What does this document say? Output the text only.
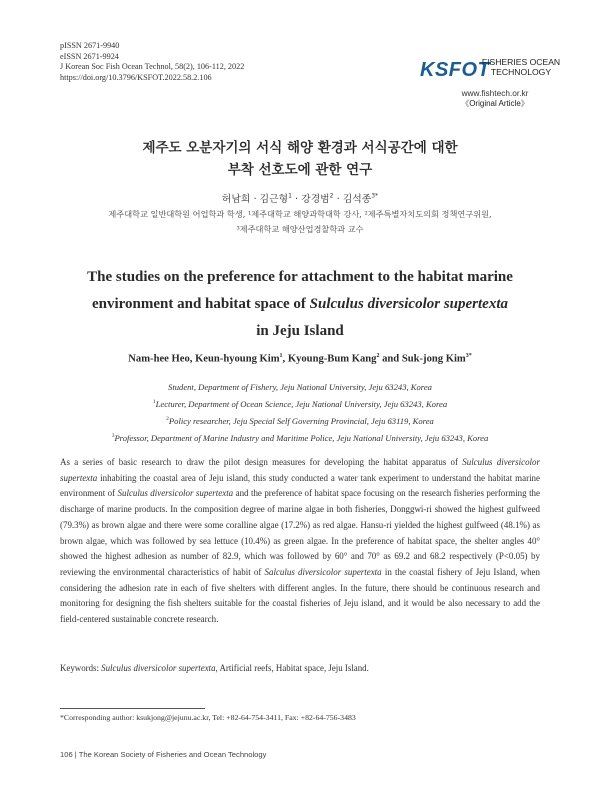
pISSN 2671-9940
eISSN 2671-9924
J Korean Soc Fish Ocean Technol, 58(2), 106-112, 2022
https://doi.org/10.3796/KSFOT.2022.58.2.106	KSFOT
FISHERIES OCEAN
TECHNOLOGY
www.fishtech.or.kr
《Original Article》
제주도 오분자기의 서식 해양 환경과 서식공간에 대한
부착 선호도에 관한 연구
허남희 · 김근형$^1$ · 강경범$^2$ · 김석종$^{3*}$
제주대학교 일반대학원 어업학과 학생, ¹제주대학교 해양과학대학 강사, ²제주특별자치도의회 정책연구위원,
³제주대학교 해양산업경찰학과 교수
The studies on the preference for attachment to the habitat marine
environment and habitat space of Sulculus diversicolor supertexta
in Jeju Island
Nam-hee Heo, Keun-hyoung Kim$^1$, Kyoung-Bum Kang$^2$ and Suk-jong Kim$^{3*}$
Student, Department of Fishery, Jeju National University, Jeju 63243, Korea
$^1$Lecturer, Department of Ocean Science, Jeju National University, Jeju 63243, Korea
$^2$Policy researcher, Jeju Special Self Governing Provincial, Jeju 63119, Korea
$^3$Professor, Department of Marine Industry and Maritime Police, Jeju National University, Jeju 63243, Korea
As a series of basic research to draw the pilot design measures for developing the habitat apparatus of Sulculus diversicolor supertexta inhabiting the coastal area of Jeju island, this study conducted a water tank experiment to understand the habitat marine environment of Sulculus diversicolor supertexta and the preference of habitat space focusing on the research fisheries performing the discharge of marine products. In the composition degree of marine algae in both fisheries, Donggwi-ri showed the highest gulfweed (79.3%) as brown algae and there were some coralline algae (17.2%) as red algae. Hansu-ri yielded the highest gulfweed (48.1%) as brown algae, which was followed by sea lettuce (10.4%) as green algae. In the preference of habitat space, the shelter angles 40° showed the highest adhesion as number of 82.9, which was followed by 60° and 70° as 69.2 and 68.2 respectively (P<0.05) by reviewing the environmental characteristics of habit of Salculus diversicolor supertexta in the coastal fishery of Jeju Island, when considering the adhesion rate in each of five shelters with different angles. In the future, there should be continuous research and monitoring for designing the fish shelters suitable for the coastal fisheries of Jeju island, and it would be also necessary to add the field-centered sustainable concrete research.
Keywords: Sulculus diversicolor supertexta, Artificial reefs, Habitat space, Jeju Island.
*Corresponding author: ksukjong@jejunu.ac.kr, Tel: +82-64-754-3411, Fax: +82-64-756-3483
106 | The Korean Society of Fisheries and Ocean Technology
